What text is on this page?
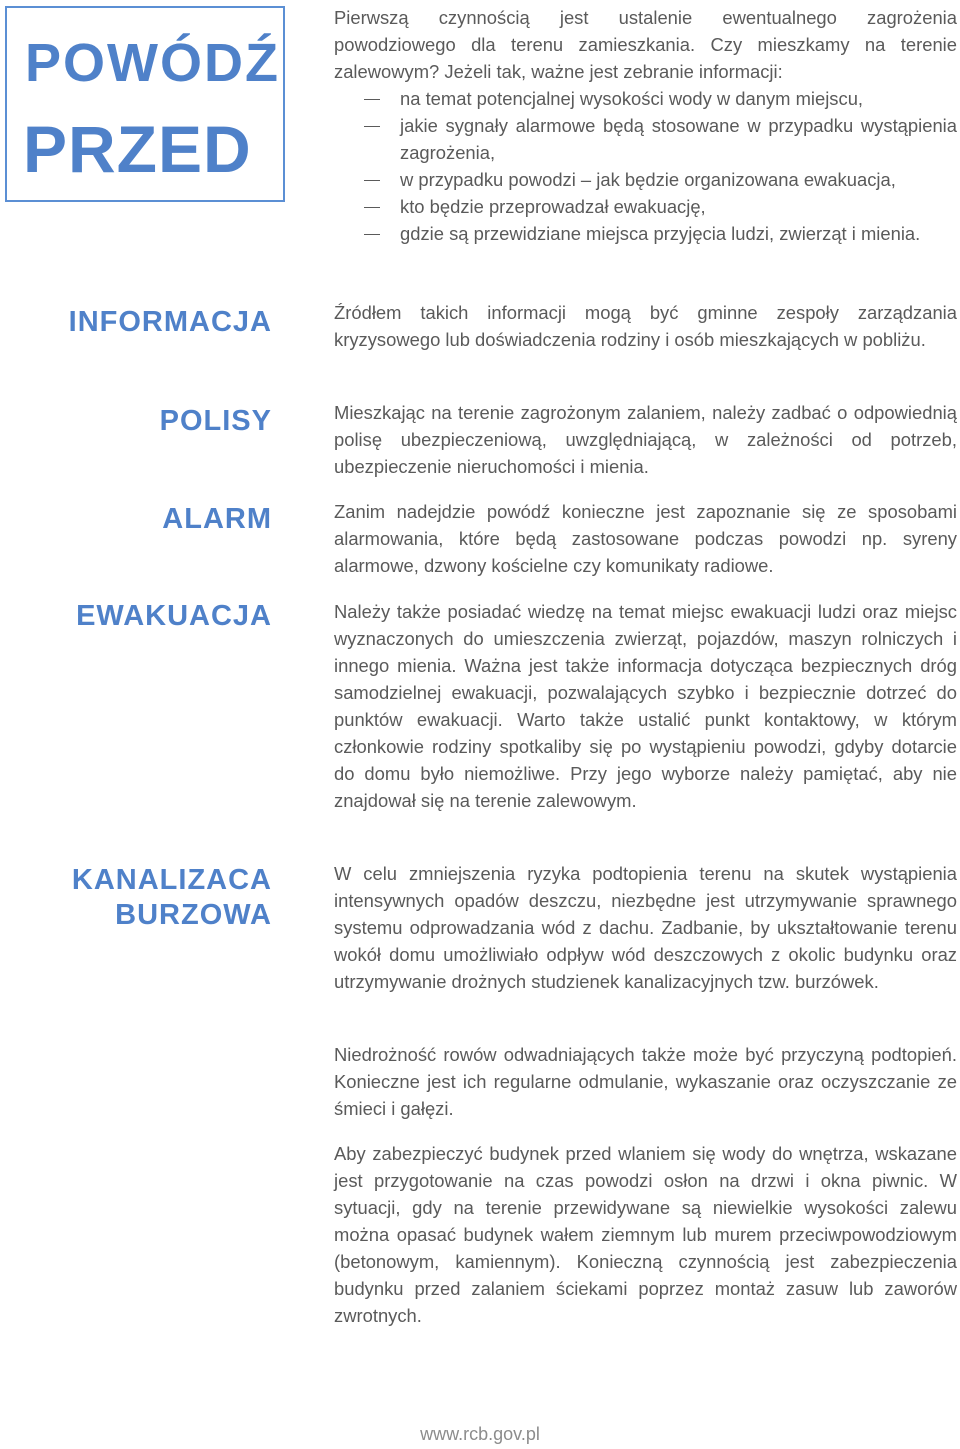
POWÓDŹ
PRZED
INFORMACJA
POLISY
ALARM
EWAKUACJA
KANALIZACA
BURZOWA

Pierwszą czynnością jest ustalenie ewentualnego zagrożenia powodziowego dla terenu zamieszkania. Czy mieszkamy na terenie zalewowym? Jeżeli tak, ważne jest zebranie informacji:

na temat potencjalnej wysokości wody w danym miejscu,
jakie sygnały alarmowe będą stosowane w przypadku wystąpienia zagrożenia,
w przypadku powodzi – jak będzie organizowana ewakuacja,
kto będzie przeprowadzał ewakuację,
gdzie są przewidziane miejsca przyjęcia ludzi, zwierząt i mienia.

Źródłem takich informacji mogą być gminne zespoły zarządzania kryzysowego lub doświadczenia rodziny i osób mieszkających w pobliżu.

Mieszkając na terenie zagrożonym zalaniem, należy zadbać o odpowiednią polisę ubezpieczeniową, uwzględniającą, w zależności od potrzeb, ubezpieczenie nieruchomości i mienia.

Zanim nadejdzie powódź konieczne jest zapoznanie się ze sposobami alarmowania, które będą zastosowane podczas powodzi np. syreny alarmowe, dzwony kościelne czy komunikaty radiowe.

Należy także posiadać wiedzę na temat miejsc ewakuacji ludzi oraz miejsc wyznaczonych do umieszczenia zwierząt, pojazdów, maszyn rolniczych i innego mienia. Ważna jest także informacja dotycząca bezpiecznych dróg samodzielnej ewakuacji, pozwalających szybko i bezpiecznie dotrzeć do punktów ewakuacji. Warto także ustalić punkt kontaktowy, w którym członkowie rodziny spotkaliby się po wystąpieniu powodzi, gdyby dotarcie do domu było niemożliwe. Przy jego wyborze należy pamiętać, aby nie znajdował się na terenie zalewowym.

W celu zmniejszenia ryzyka podtopienia terenu na skutek wystąpienia intensywnych opadów deszczu, niezbędne jest utrzymywanie sprawnego systemu odprowadzania wód z dachu. Zadbanie, by ukształtowanie terenu wokół domu umożliwiało odpływ wód deszczowych z okolic budynku oraz utrzymywanie drożnych studzienek kanalizacyjnych tzw. burzówek.

Niedrożność rowów odwadniających także może być przyczyną podtopień. Konieczne jest ich regularne odmulanie, wykaszanie oraz oczyszczanie ze śmieci i gałęzi.

Aby zabezpieczyć budynek przed wlaniem się wody do wnętrza, wskazane jest przygotowanie na czas powodzi osłon na drzwi i okna piwnic. W sytuacji, gdy na terenie przewidywane są niewielkie wysokości zalewu można opasać budynek wałem ziemnym lub murem przeciwpowodziowym (betonowym, kamiennym). Konieczną czynnością jest zabezpieczenia budynku przed zalaniem ściekami poprzez montaż zasuw lub zaworów zwrotnych.

www.rcb.gov.pl
